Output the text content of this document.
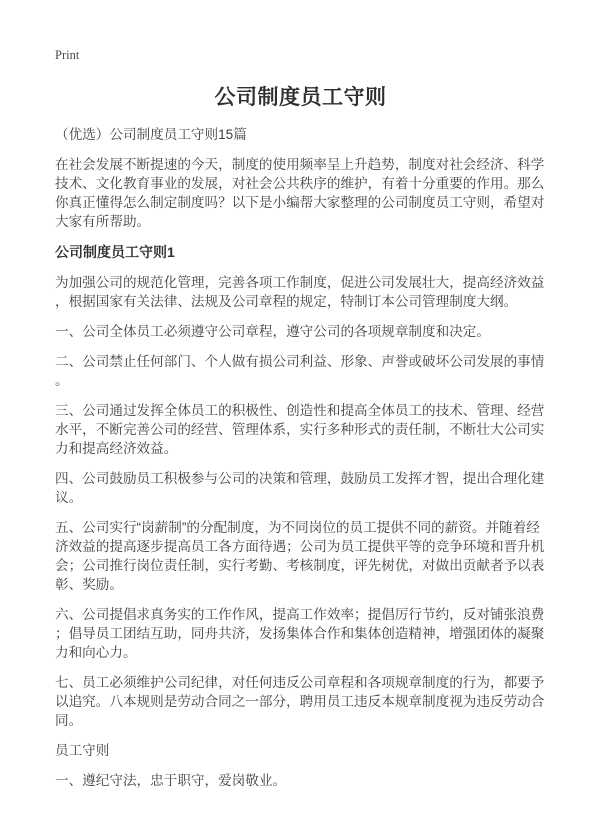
Print
公司制度员工守则
（优选）公司制度员工守则15篇

在社会发展不断提速的今天，制度的使用频率呈上升趋势，制度对社会经济、科学技术、文化教育事业的发展，对社会公共秩序的维护，有着十分重要的作用。那么你真正懂得怎么制定制度吗？以下是小编帮大家整理的公司制度员工守则，希望对大家有所帮助。

公司制度员工守则1

为加强公司的规范化管理，完善各项工作制度，促进公司发展壮大，提高经济效益，根据国家有关法律、法规及公司章程的规定，特制订本公司管理制度大纲。

一、公司全体员工必须遵守公司章程，遵守公司的各项规章制度和决定。

二、公司禁止任何部门、个人做有损公司利益、形象、声誉或破坏公司发展的事情。

三、公司通过发挥全体员工的积极性、创造性和提高全体员工的技术、管理、经营水平，不断完善公司的经营、管理体系，实行多种形式的责任制，不断壮大公司实力和提高经济效益。

四、公司鼓励员工积极参与公司的决策和管理，鼓励员工发挥才智，提出合理化建议。

五、公司实行“岗薪制”的分配制度，为不同岗位的员工提供不同的薪资。并随着经济效益的提高逐步提高员工各方面待遇；公司为员工提供平等的竞争环境和晋升机会；公司推行岗位责任制，实行考勤、考核制度，评先树优，对做出贡献者予以表彰、奖励。

六、公司提倡求真务实的工作作风，提高工作效率；提倡厉行节约，反对铺张浪费；倡导员工团结互助，同舟共济，发扬集体合作和集体创造精神，增强团体的凝聚力和向心力。

七、员工必须维护公司纪律，对任何违反公司章程和各项规章制度的行为，都要予以追究。八本规则是劳动合同之一部分，聘用员工违反本规章制度视为违反劳动合同。

员工守则

一、遵纪守法，忠于职守，爱岗敬业。
